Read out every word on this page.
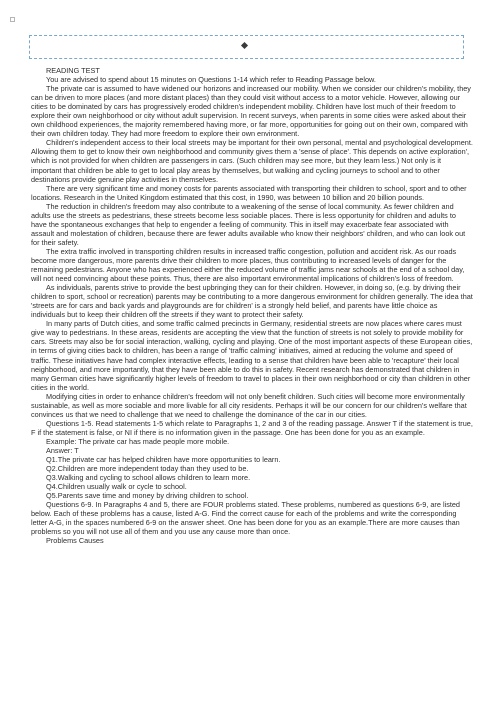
READING TEST

You are advised to spend about 15 minutes on Questions 1-14 which refer to Reading Passage below.

The private car is assumed to have widened our horizons and increased our mobility. When we consider our children's mobility, they can be driven to more places (and more distant places) than they could visit without access to a motor vehicle. However, allowing our cities to be dominated by cars has progressively eroded children's independent mobility. Children have lost much of their freedom to explore their own neighborhood or city without adult supervision. In recent surveys, when parents in some cities were asked about their own childhood experiences, the majority remembered having more, or far more, opportunities for going out on their own, compared with their own children today. They had more freedom to explore their own environment.

Children's independent access to their local streets may be important for their own personal, mental and psychological development. Allowing them to get to know their own neighborhood and community gives them a 'sense of place'. This depends on active exploration', which is not provided for when children are passengers in cars. (Such children may see more, but they learn less.) Not only is it important that children be able to get to local play areas by themselves, but walking and cycling journeys to school and to other destinations provide genuine play activities in themselves.

There are very significant time and money costs for parents associated with transporting their children to school, sport and to other locations. Research in the United Kingdom estimated that this cost, in 1990, was between 10 billion and 20 billion pounds.

The reduction in children's freedom may also contribute to a weakening of the sense of local community. As fewer children and adults use the streets as pedestrians, these streets become less sociable places. There is less opportunity for children and adults to have the spontaneous exchanges that help to engender a feeling of community. This in itself may exacerbate fear associated with assault and molestation of children, because there are fewer adults available who know their neighbors' children, and who can look out for their safety.

The extra traffic involved in transporting children results in increased traffic congestion, pollution and accident risk. As our roads become more dangerous, more parents drive their children to more places, thus contributing to increased levels of danger for the remaining pedestrians. Anyone who has experienced either the reduced volume of traffic jams near schools at the end of a school day, will not need convincing about these points. Thus, there are also important environmental implications of children's loss of freedom.

As individuals, parents strive to provide the best upbringing they can for their children. However, in doing so, (e.g. by driving their children to sport, school or recreation) parents may be contributing to a more dangerous environment for children generally. The idea that 'streets are for cars and back yards and playgrounds are for children' is a strongly held belief, and parents have little choice as individuals but to keep their children off the streets if they want to protect their safety.

In many parts of Dutch cities, and some traffic calmed precincts in Germany, residential streets are now places where cares must give way to pedestrians. In these areas, residents are accepting the view that the function of streets is not solely to provide mobility for cars. Streets may also be for social interaction, walking, cycling and playing. One of the most important aspects of these European cities, in terms of giving cities back to children, has been a range of 'traffic calming' initiatives, aimed at reducing the volume and speed of traffic. These initiatives have had complex interactive effects, leading to a sense that children have been able to 'recapture' their local neighborhood, and more importantly, that they have been able to do this in safety. Recent research has demonstrated that children in many German cities have significantly higher levels of freedom to travel to places in their own neighborhood or city than children in other cities in the world.

Modifying cities in order to enhance children's freedom will not only benefit children. Such cities will become more environmentally sustainable, as well as more sociable and more livable for all city residents. Perhaps it will be our concern for our children's welfare that convinces us that we need to challenge that we need to challenge the dominance of the car in our cities.

Questions 1-5. Read statements 1-5 which relate to Paragraphs 1, 2 and 3 of the reading passage. Answer T if the statement is true, F if the statement is false, or NI if there is no information given in the passage. One has been done for you as an example.

Example: The private car has made people more mobile.

Answer: T

Q1.The private car has helped children have more opportunities to learn.

Q2.Children are more independent today than they used to be.

Q3.Walking and cycling to school allows children to learn more.

Q4.Children usually walk or cycle to school.

Q5.Parents save time and money by driving children to school.

Questions 6-9. In Paragraphs 4 and 5, there are FOUR problems stated. These problems, numbered as questions 6-9, are listed below. Each of these problems has a cause, listed A-G. Find the correct cause for each of the problems and write the corresponding letter A-G, in the spaces numbered 6-9 on the answer sheet. One has been done for you as an example.There are more causes than problems so you will not use all of them and you use any cause more than once.

Problems Causes
